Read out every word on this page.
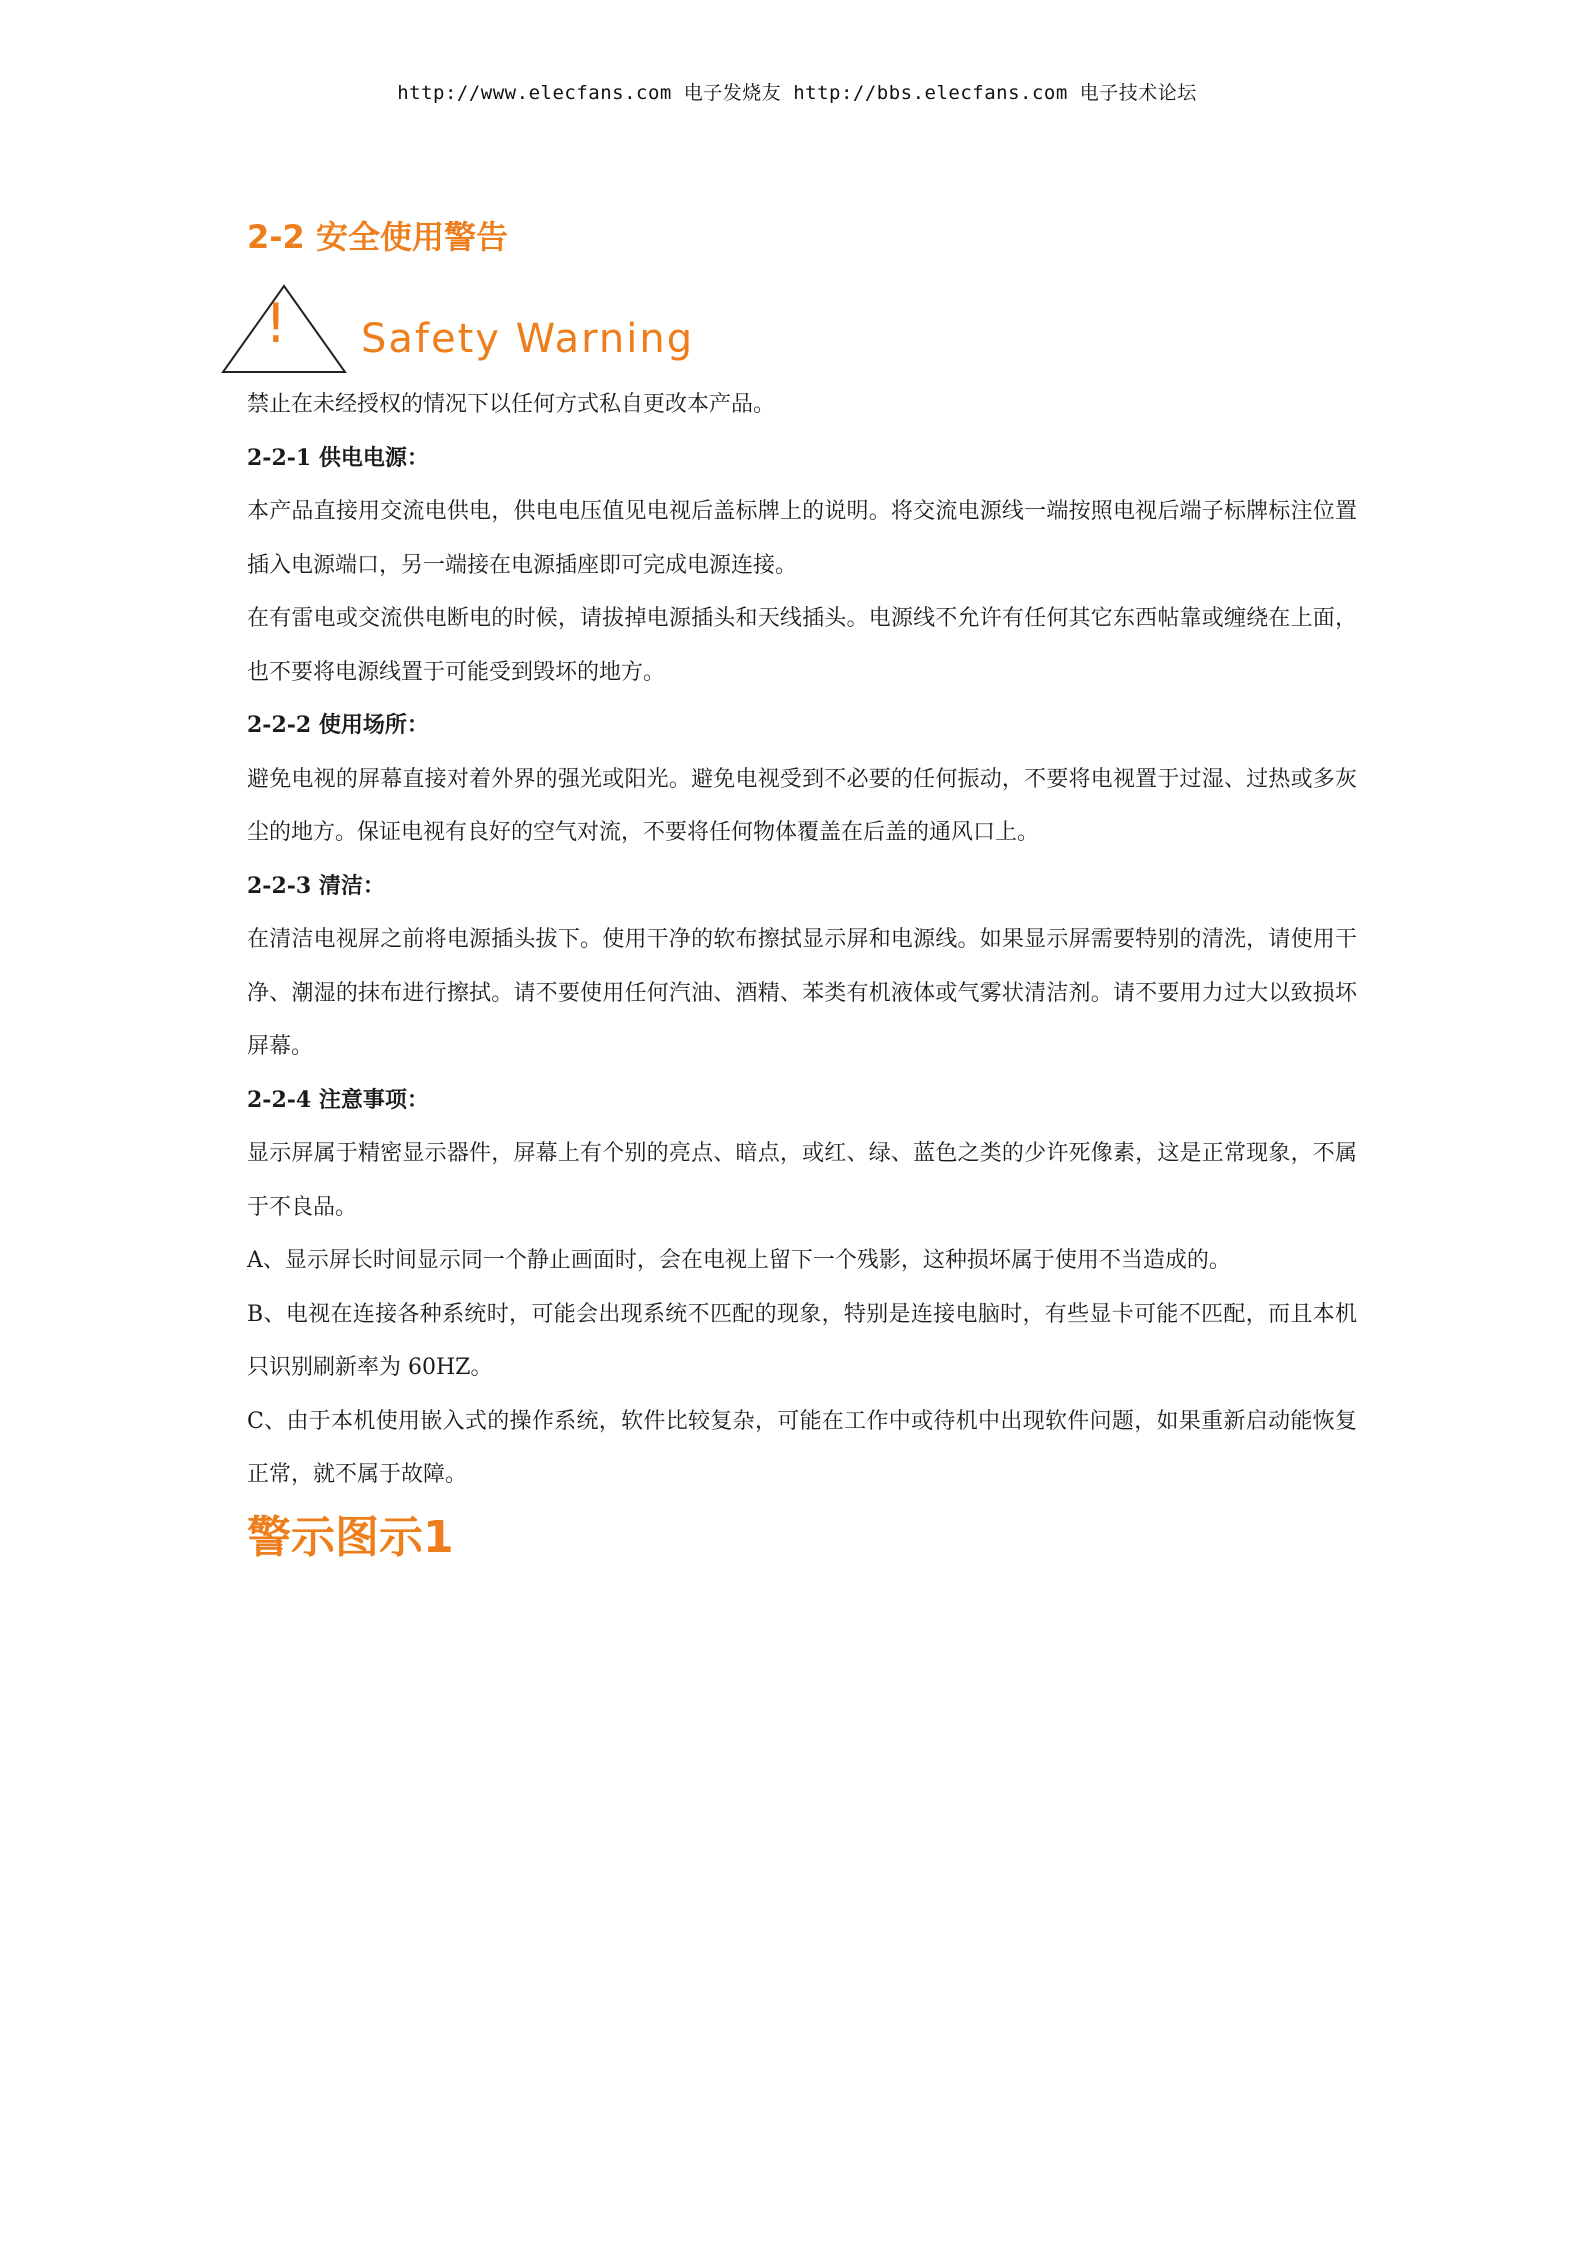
http://www.elecfans.com 电子发烧友 http://bbs.elecfans.com 电子技术论坛
2-2 安全使用警告
! Safety Warning

禁止在未经授权的情况下以任何方式私自更改本产品。

2-2-1 供电电源：

本产品直接用交流电供电，供电电压值见电视后盖标牌上的说明。将交流电源线一端按照电视后端子标牌标注位置插入电源端口，另一端接在电源插座即可完成电源连接。

在有雷电或交流供电断电的时候，请拔掉电源插头和天线插头。电源线不允许有任何其它东西帖靠或缠绕在上面，也不要将电源线置于可能受到毁坏的地方。

2-2-2 使用场所：

避免电视的屏幕直接对着外界的强光或阳光。避免电视受到不必要的任何振动，不要将电视置于过湿、过热或多灰尘的地方。保证电视有良好的空气对流，不要将任何物体覆盖在后盖的通风口上。

2-2-3 清洁：

在清洁电视屏之前将电源插头拔下。使用干净的软布擦拭显示屏和电源线。如果显示屏需要特别的清洗，请使用干净、潮湿的抹布进行擦拭。请不要使用任何汽油、酒精、苯类有机液体或气雾状清洁剂。请不要用力过大以致损坏屏幕。

2-2-4 注意事项：

显示屏属于精密显示器件，屏幕上有个别的亮点、暗点，或红、绿、蓝色之类的少许死像素，这是正常现象，不属于不良品。

A、显示屏长时间显示同一个静止画面时，会在电视上留下一个残影，这种损坏属于使用不当造成的。

B、电视在连接各种系统时，可能会出现系统不匹配的现象，特别是连接电脑时，有些显卡可能不匹配，而且本机只识别刷新率为 60HZ。

C、由于本机使用嵌入式的操作系统，软件比较复杂，可能在工作中或待机中出现软件问题，如果重新启动能恢复正常，就不属于故障。

警示图示1
